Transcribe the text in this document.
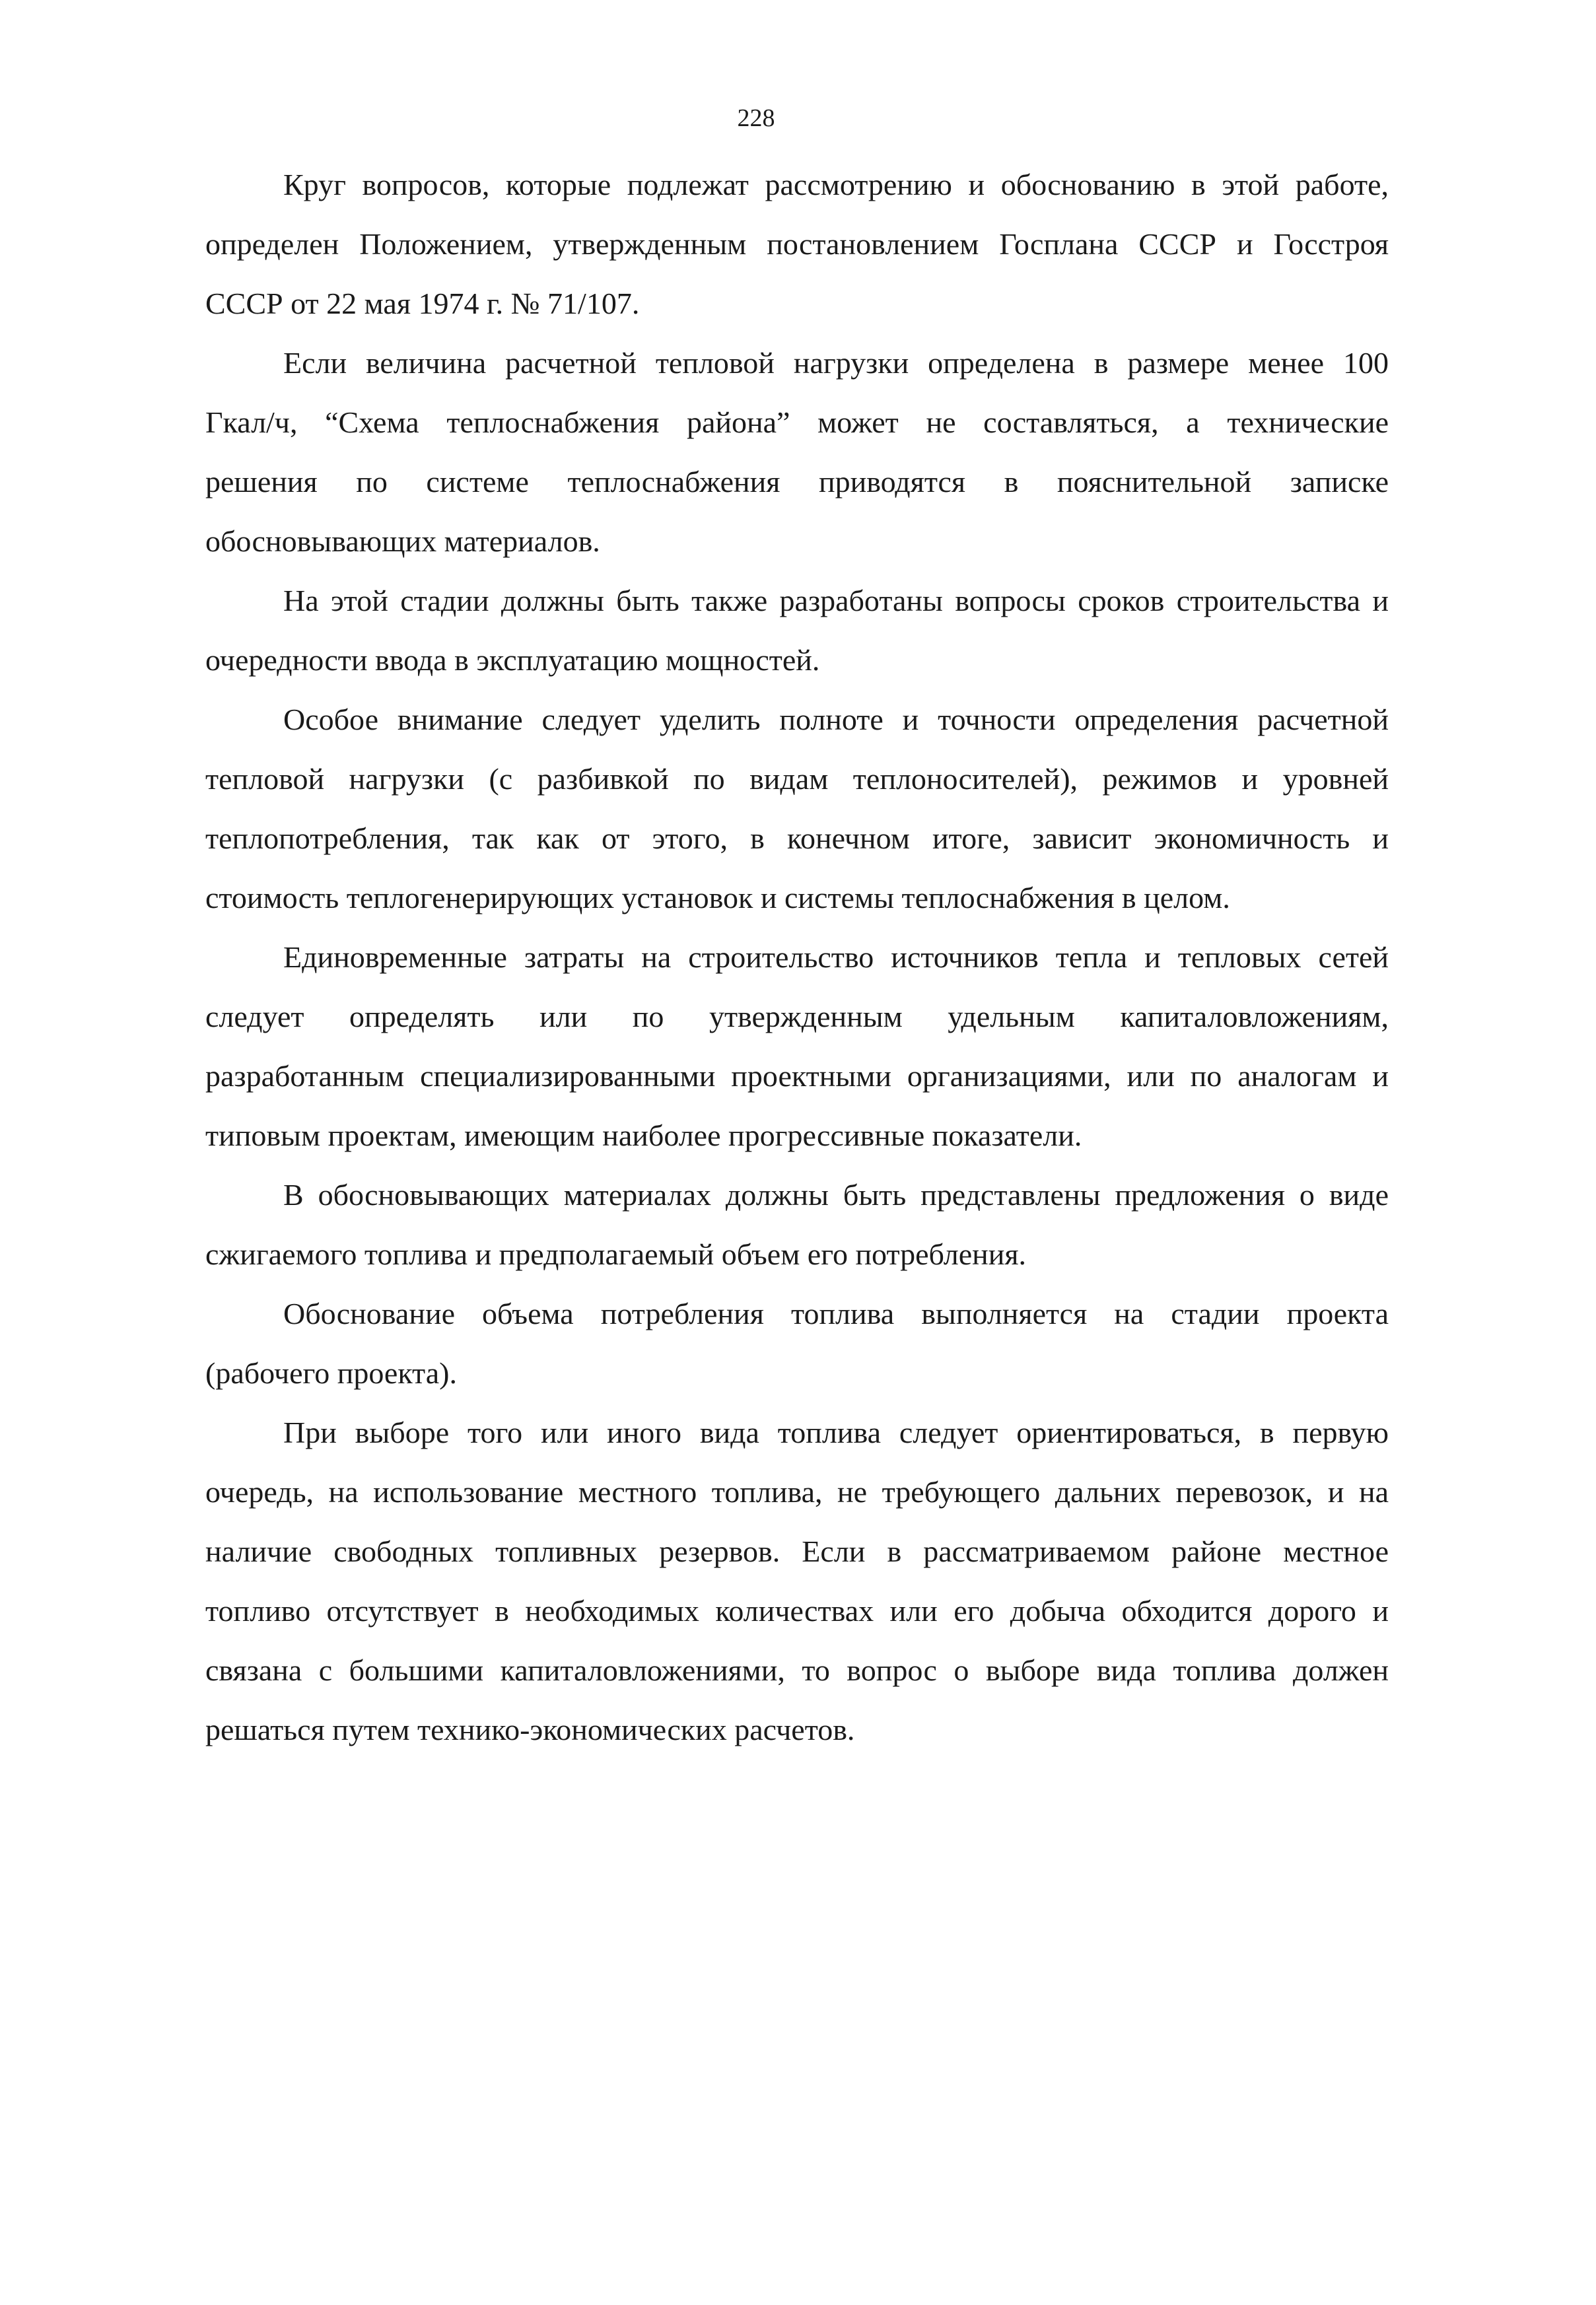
228
Круг вопросов, которые подлежат рассмотрению и обоснованию в этой работе,
определен Положением, утвержденным постановлением Госплана СССР и Госстроя
СССР от 22 мая 1974 г. № 71/107.
Если величина расчетной тепловой нагрузки определена в размере менее 100
Гкал/ч, “Схема теплоснабжения района” может не составляться, а технические
решения по системе теплоснабжения приводятся в пояснительной записке
обосновывающих материалов.
На этой стадии должны быть также разработаны вопросы сроков строительства и
очередности ввода в эксплуатацию мощностей.
Особое внимание следует уделить полноте и точности определения расчетной
тепловой нагрузки (с разбивкой по видам теплоносителей), режимов и уровней
теплопотребления, так как от этого, в конечном итоге, зависит экономичность и
стоимость теплогенерирующих установок и системы теплоснабжения в целом.
Единовременные затраты на строительство источников тепла и тепловых сетей
следует определять или по утвержденным удельным капиталовложениям,
разработанным специализированными проектными организациями, или по аналогам и
типовым проектам, имеющим наиболее прогрессивные показатели.
В обосновывающих материалах должны быть представлены предложения о виде
сжигаемого топлива и предполагаемый объем его потребления.
Обоснование объема потребления топлива выполняется на стадии проекта
(рабочего проекта).
При выборе того или иного вида топлива следует ориентироваться, в первую
очередь, на использование местного топлива, не требующего дальних перевозок, и на
наличие свободных топливных резервов. Если в рассматриваемом районе местное
топливо отсутствует в необходимых количествах или его добыча обходится дорого и
связана с большими капиталовложениями, то вопрос о выборе вида топлива должен
решаться путем технико-экономических расчетов.
